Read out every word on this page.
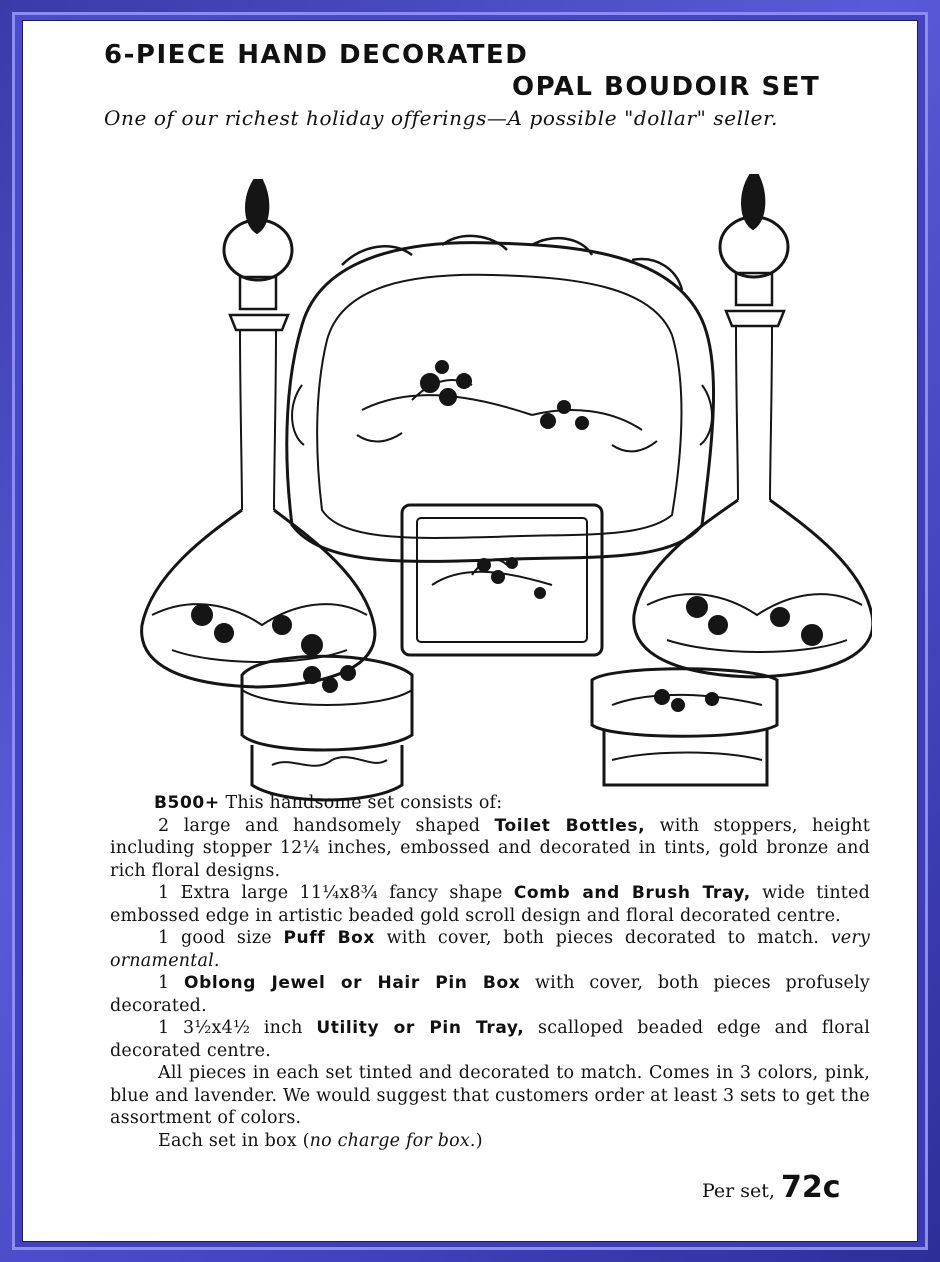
6-PIECE HAND DECORATED
OPAL BOUDOIR SET
One of our richest holiday offerings—A possible "dollar" seller.

B500+ This handsome set consists of:

2 large and handsomely shaped Toilet Bottles, with stoppers, height including stopper 12¼ inches, embossed and decorated in tints, gold bronze and rich floral designs.

1 Extra large 11¼x8¾ fancy shape Comb and Brush Tray, wide tinted embossed edge in artistic beaded gold scroll design and floral decorated centre.

1 good size Puff Box with cover, both pieces decorated to match. very ornamental.

1 Oblong Jewel or Hair Pin Box with cover, both pieces profusely decorated.

1 3½x4½ inch Utility or Pin Tray, scalloped beaded edge and floral decorated centre.

All pieces in each set tinted and decorated to match. Comes in 3 colors, pink, blue and lavender. We would suggest that customers order at least 3 sets to get the assortment of colors.

Each set in box (no charge for box.)

Per set, 72c
